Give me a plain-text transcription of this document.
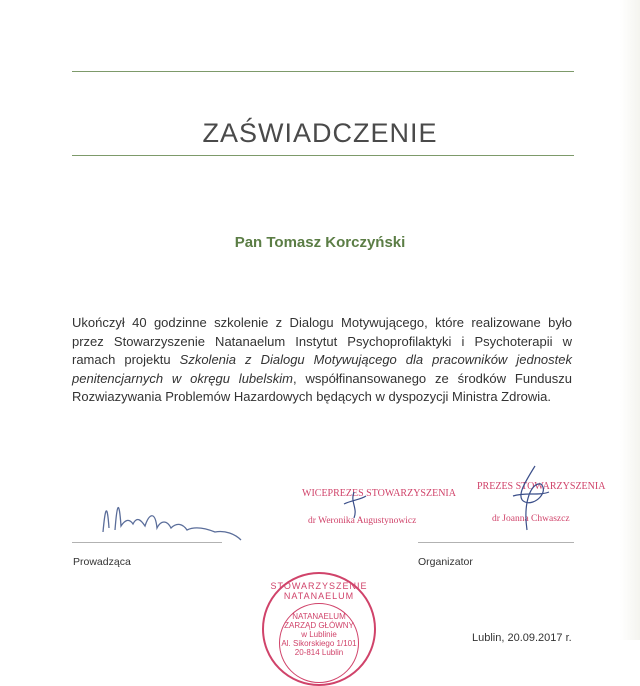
ZAŚWIADCZENIE
Pan Tomasz Korczyński
Ukończył 40 godzinne szkolenie z Dialogu Motywującego, które realizowane było przez Stowarzyszenie Natanaelum Instytut Psychoprofilaktyki i Psychoterapii w ramach projektu Szkolenia z Dialogu Motywującego dla pracowników jednostek penitencjarnych w okręgu lubelskim, współfinansowanego ze środków Funduszu Rozwiazywania Problemów Hazardowych będących w dyspozycji Ministra Zdrowia.
WICEPREZES STOWARZYSZENIA
dr Weronika Augustynowicz
PREZES STOWARZYSZENIA
dr Joanna Chwaszcz
Prowadząca	Organizator
STOWARZYSZENIE NATANAELUM
NATANAELUM
ZARZĄD GŁÓWNY
w Lublinie
Al. Sikorskiego 1/101
20-814 Lublin
Lublin, 20.09.2017 r.
